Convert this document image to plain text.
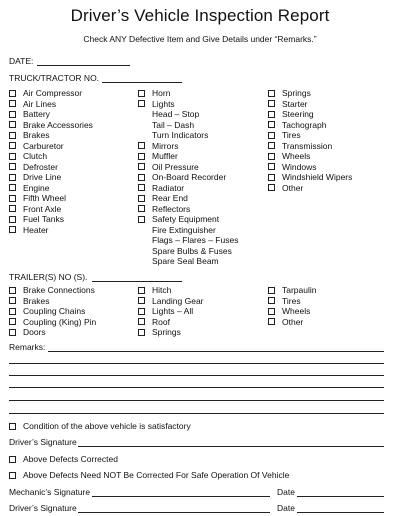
Driver’s Vehicle Inspection Report
Check ANY Defective Item and Give Details under “Remarks.”
DATE:
TRUCK/TRACTOR NO.
Air Compressor
Air Lines
Battery
Brake Accessories
Brakes
Carburetor
Clutch
Defroster
Drive Line
Engine
Fifth Wheel
Front Axle
Fuel Tanks
Heater
Horn
Lights
Head – Stop
Tail – Dash
Turn Indicators
Mirrors
Muffler
Oil Pressure
On-Board Recorder
Radiator
Rear End
Reflectors
Safety Equipment
Fire Extinguisher
Flags – Flares – Fuses
Spare Bulbs & Fuses
Spare Seal Beam
Springs
Starter
Steering
Tachograph
Tires
Transmission
Wheels
Windows
Windshield Wipers
Other
TRAILER(S) NO (S).
Brake Connections
Brakes
Coupling Chains
Coupling (King) Pin
Doors
Hitch
Landing Gear
Lights – All
Roof
Springs
Tarpaulin
Tires
Wheels
Other
Remarks:
Condition of the above vehicle is satisfactory
Driver’s Signature
Above Defects Corrected
Above Defects Need NOT Be Corrected For Safe Operation Of Vehicle
Mechanic’s Signature	Date
Driver’s Signature	Date
